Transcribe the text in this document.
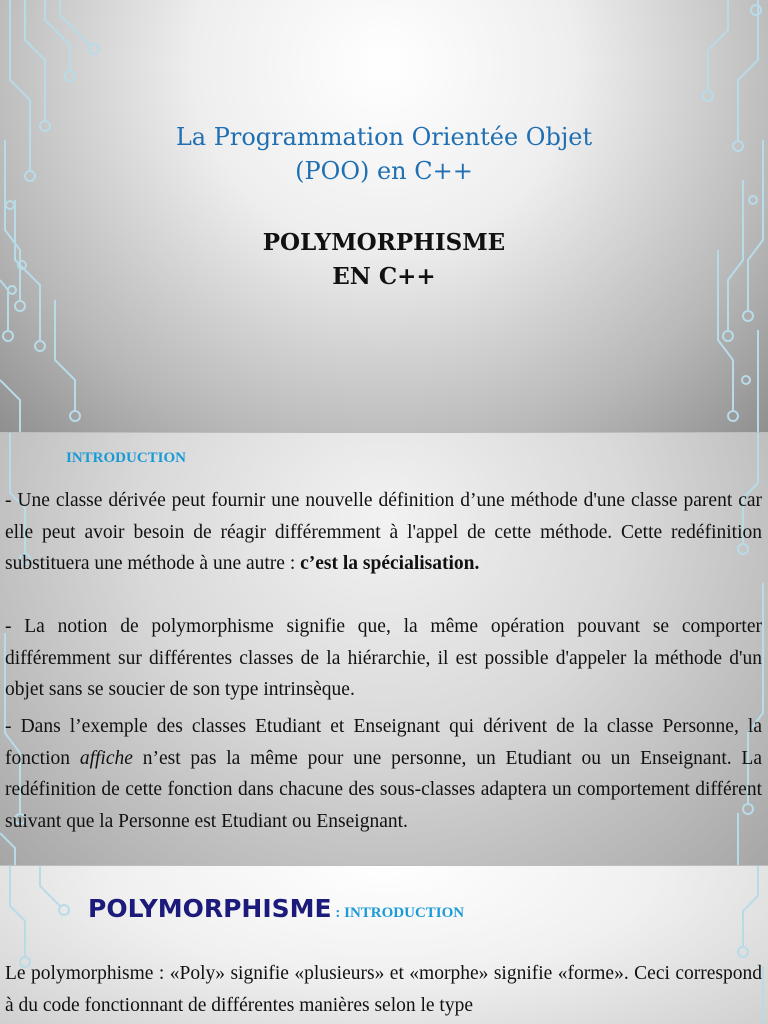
La Programmation Orientée Objet
(POO) en C++
POLYMORPHISME
EN C++
INTRODUCTION

- Une classe dérivée peut fournir une nouvelle définition d’une méthode d'une classe parent car elle peut avoir besoin de réagir différemment à l'appel de cette méthode. Cette redéfinition substituera une méthode à une autre : c’est la spécialisation.

- La notion de polymorphisme signifie que, la même opération pouvant se comporter différemment sur différentes classes de la hiérarchie, il est possible d'appeler la méthode d'un objet sans se soucier de son type intrinsèque.

- Dans l’exemple des classes Etudiant et Enseignant qui dérivent de la classe Personne, la fonction affiche n’est pas la même pour une personne, un Etudiant ou un Enseignant. La redéfinition de cette fonction dans chacune des sous-classes adaptera un comportement différent suivant que la Personne est Etudiant ou Enseignant.

POLYMORPHISME : INTRODUCTION

Le polymorphisme : «Poly» signifie «plusieurs» et «morphe» signifie «forme». Ceci correspond à du code fonctionnant de différentes manières selon le type
